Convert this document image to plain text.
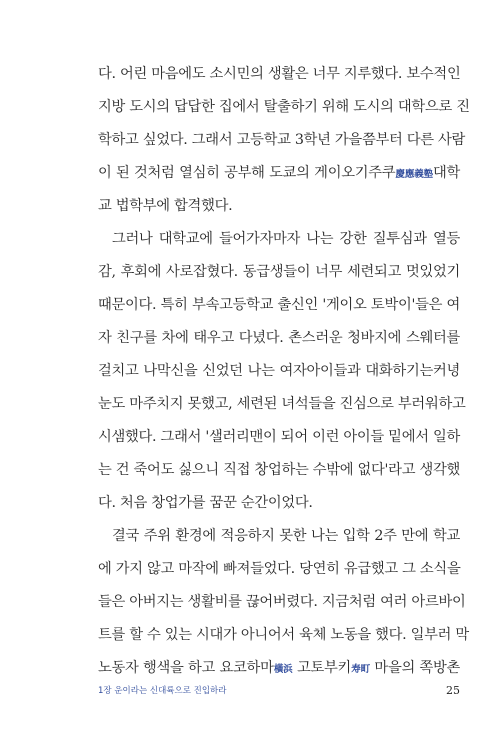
다. 어린 마음에도 소시민의 생활은 너무 지루했다. 보수적인
지방 도시의 답답한 집에서 탈출하기 위해 도시의 대학으로 진
학하고 싶었다. 그래서 고등학교 3학년 가을쯤부터 다른 사람
이 된 것처럼 열심히 공부해 도쿄의 게이오기주쿠慶應義塾대학
교 법학부에 합격했다.
그러나 대학교에 들어가자마자 나는 강한 질투심과 열등
감, 후회에 사로잡혔다. 동급생들이 너무 세련되고 멋있었기
때문이다. 특히 부속고등학교 출신인 '게이오 토박이'들은 여
자 친구를 차에 태우고 다녔다. 촌스러운 청바지에 스웨터를
걸치고 나막신을 신었던 나는 여자아이들과 대화하기는커녕
눈도 마주치지 못했고, 세련된 녀석들을 진심으로 부러워하고
시샘했다. 그래서 '샐러리맨이 되어 이런 아이들 밑에서 일하
는 건 죽어도 싫으니 직접 창업하는 수밖에 없다'라고 생각했
다. 처음 창업가를 꿈꾼 순간이었다.
결국 주위 환경에 적응하지 못한 나는 입학 2주 만에 학교
에 가지 않고 마작에 빠져들었다. 당연히 유급했고 그 소식을
들은 아버지는 생활비를 끊어버렸다. 지금처럼 여러 아르바이
트를 할 수 있는 시대가 아니어서 육체 노동을 했다. 일부러 막
노동자 행색을 하고 요코하마橫浜 고토부키寿町 마을의 쪽방촌
1장 운이라는 신대륙으로 진입하라	25
